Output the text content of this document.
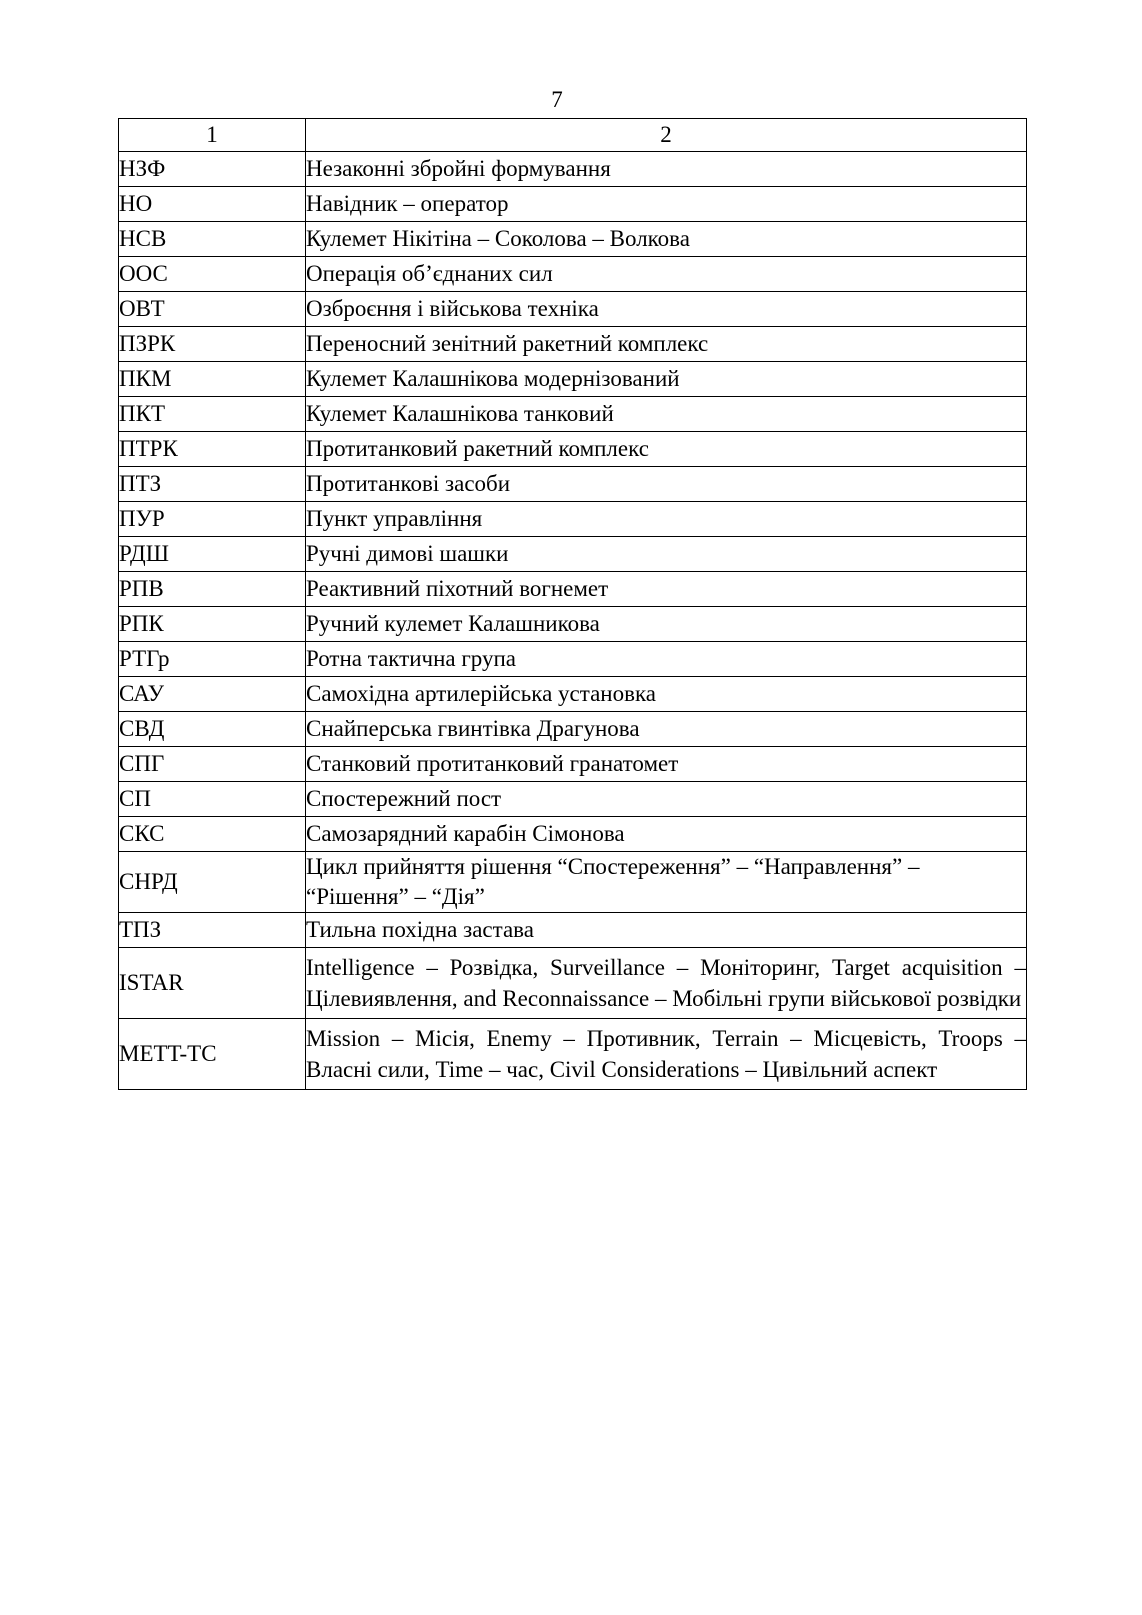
7
1	2
НЗФ	Незаконні збройні формування
НО	Навідник – оператор
НСВ	Кулемет Нікітіна – Соколова – Волкова
ООС	Операція об’єднаних сил
ОВТ	Озброєння і військова техніка
ПЗРК	Переносний зенітний ракетний комплекс
ПКМ	Кулемет Калашнікова модернізований
ПКТ	Кулемет Калашнікова танковий
ПТРК	Протитанковий ракетний комплекс
ПТЗ	Протитанкові засоби
ПУР	Пункт управління
РДШ	Ручні димові шашки
РПВ	Реактивний піхотний вогнемет
РПК	Ручний кулемет Калашникова
РТГр	Ротна тактична група
САУ	Самохідна артилерійська установка
СВД	Снайперська гвинтівка Драгунова
СПГ	Станковий протитанковий гранатомет
СП	Спостережний пост
СКС	Самозарядний карабін Сімонова
СНРД	Цикл прийняття рішення “Спостереження” – “Направлення” – “Рішення” – “Дія”
ТПЗ	Тильна похідна застава
ISTAR	Intelligence – Розвідка, Surveillance – Моніторинг, Target acquisition – Цілевиявлення, and Reconnaissance – Мобільні групи військової розвідки
METT-TC	Mission – Місія, Enemy – Противник, Terrain – Місцевість, Troops – Власні сили, Time – час, Civil Considerations – Цивільний аспект
